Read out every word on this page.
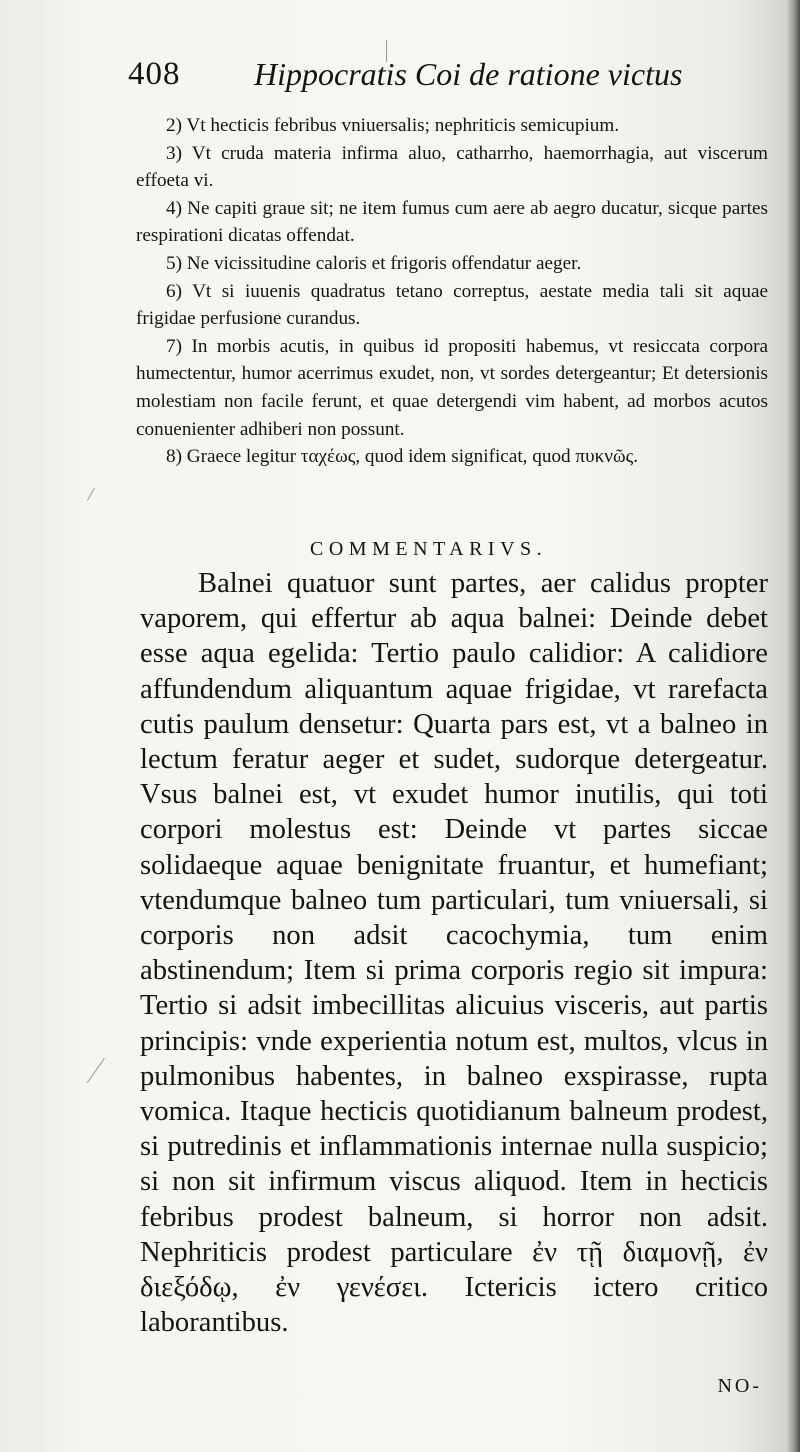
408 Hippocratis Coi de ratione victus

2) Vt hecticis febribus vniuersalis; nephriticis semicupium.

3) Vt cruda materia infirma aluo, catharrho, haemorrhagia, aut viscerum effoeta vi.

4) Ne capiti graue sit; ne item fumus cum aere ab aegro ducatur, sicque partes respirationi dicatas offendat.

5) Ne vicissitudine caloris et frigoris offendatur aeger.

6) Vt si iuuenis quadratus tetano correptus, aestate media tali sit aquae frigidae perfusione curandus.

7) In morbis acutis, in quibus id propositi habemus, vt resiccata corpora humectentur, humor acerrimus exudet, non, vt sordes detergeantur; Et detersionis molestiam non facile ferunt, et quae detergendi vim habent, ad morbos acutos conuenienter adhiberi non possunt.

8) Graece legitur ταχέως, quod idem significat, quod πυκνῶς.

COMMENTARIVS.

Balnei quatuor sunt partes, aer calidus propter vaporem, qui effertur ab aqua balnei: Deinde debet esse aqua egelida: Tertio paulo calidior: A calidiore affundendum aliquantum aquae frigidae, vt rarefacta cutis paulum densetur: Quarta pars est, vt a balneo in lectum feratur aeger et sudet, sudorque detergeatur. Vsus balnei est, vt exudet humor inutilis, qui toti corpori molestus est: Deinde vt partes siccae solidaeque aquae benignitate fruantur, et humefiant; vtendumque balneo tum particulari, tum vniuersali, si corporis non adsit cacochymia, tum enim abstinendum; Item si prima corporis regio sit impura: Tertio si adsit imbecillitas alicuius visceris, aut partis principis: vnde experientia notum est, multos, vlcus in pulmonibus habentes, in balneo exspirasse, rupta vomica. Itaque hecticis quotidianum balneum prodest, si putredinis et inflammationis internae nulla suspicio; si non sit infirmum viscus aliquod. Item in hecticis febribus prodest balneum, si horror non adsit. Nephriticis prodest particulare ἐν τῇ διαμονῇ, ἐν διεξόδῳ, ἐν γενέσει. Ictericis ictero critico laborantibus.

NO-
